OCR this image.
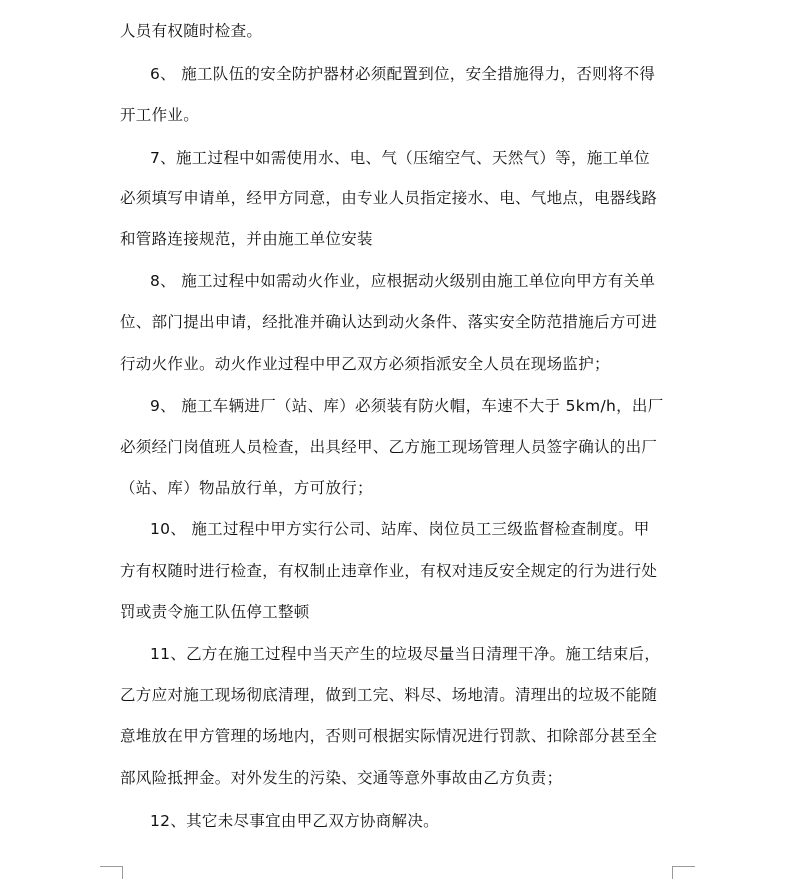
人员有权随时检查。
6、 施工队伍的安全防护器材必须配置到位，安全措施得力，否则将不得
开工作业。
7、施工过程中如需使用水、电、气（压缩空气、天然气）等，施工单位
必须填写申请单，经甲方同意，由专业人员指定接水、电、气地点，电器线路
和管路连接规范，并由施工单位安装
8、 施工过程中如需动火作业，应根据动火级别由施工单位向甲方有关单
位、部门提出申请，经批准并确认达到动火条件、落实安全防范措施后方可进
行动火作业。动火作业过程中甲乙双方必须指派安全人员在现场监护；
9、 施工车辆进厂（站、库）必须装有防火帽，车速不大于 5km/h，出厂
必须经门岗值班人员检查，出具经甲、乙方施工现场管理人员签字确认的出厂
（站、库）物品放行单，方可放行；
10、 施工过程中甲方实行公司、站库、岗位员工三级监督检查制度。甲
方有权随时进行检查，有权制止违章作业，有权对违反安全规定的行为进行处
罚或责令施工队伍停工整顿
11、乙方在施工过程中当天产生的垃圾尽量当日清理干净。施工结束后，
乙方应对施工现场彻底清理，做到工完、料尽、场地清。清理出的垃圾不能随
意堆放在甲方管理的场地内，否则可根据实际情况进行罚款、扣除部分甚至全
部风险抵押金。对外发生的污染、交通等意外事故由乙方负责；
12、其它未尽事宜由甲乙双方协商解决。
